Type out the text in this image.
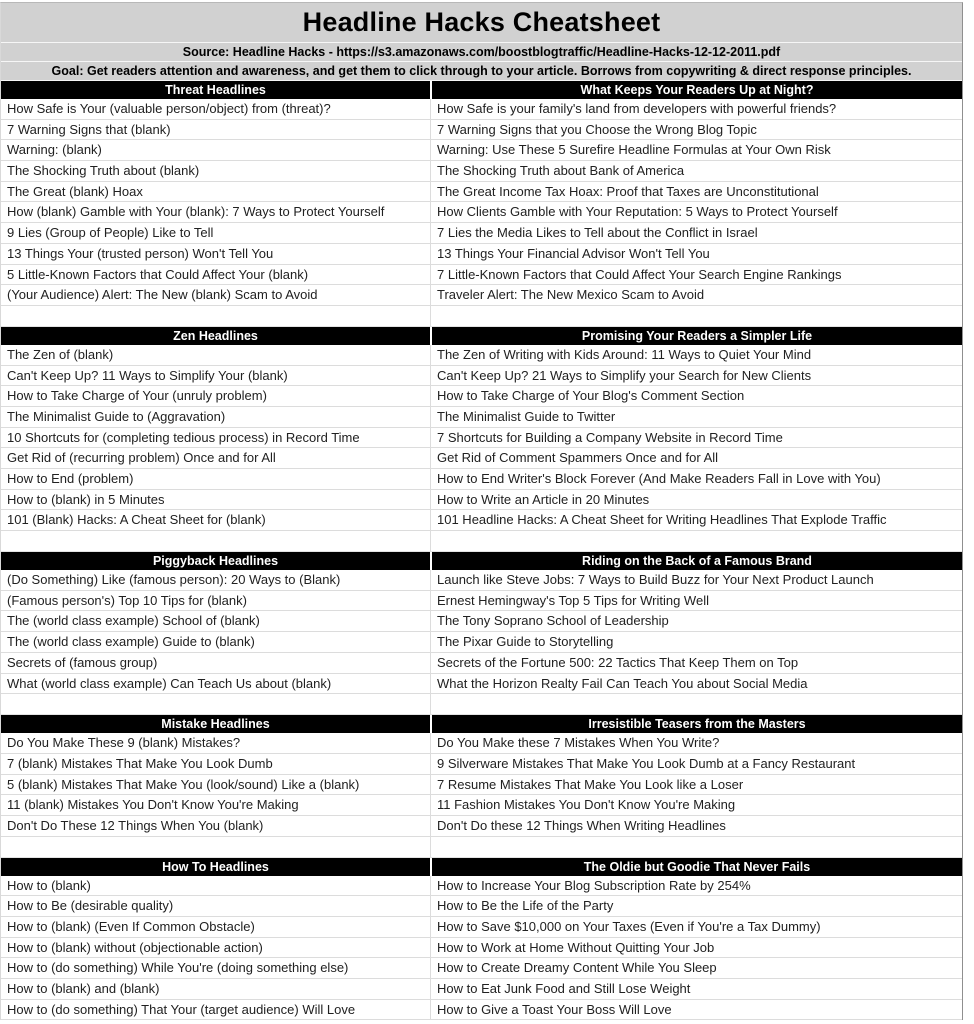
Headline Hacks Cheatsheet
Source: Headline Hacks - https://s3.amazonaws.com/boostblogtraffic/Headline-Hacks-12-12-2011.pdf
Goal: Get readers attention and awareness, and get them to click through to your article. Borrows from copywriting & direct response principles.
Threat Headlines	What Keeps Your Readers Up at Night?
How Safe is Your (valuable person/object) from (threat)?	How Safe is your family's land from developers with powerful friends?
7 Warning Signs that (blank)	7 Warning Signs that you Choose the Wrong Blog Topic
Warning: (blank)	Warning: Use These 5 Surefire Headline Formulas at Your Own Risk
The Shocking Truth about (blank)	The Shocking Truth about Bank of America
The Great (blank) Hoax	The Great Income Tax Hoax: Proof that Taxes are Unconstitutional
How (blank) Gamble with Your (blank): 7 Ways to Protect Yourself	How Clients Gamble with Your Reputation: 5 Ways to Protect Yourself
9 Lies (Group of People) Like to Tell	7 Lies the Media Likes to Tell about the Conflict in Israel
13 Things Your (trusted person) Won't Tell You	13 Things Your Financial Advisor Won't Tell You
5 Little-Known Factors that Could Affect Your (blank)	7 Little-Known Factors that Could Affect Your Search Engine Rankings
(Your Audience) Alert: The New (blank) Scam to Avoid	Traveler Alert: The New Mexico Scam to Avoid
Zen Headlines	Promising Your Readers a Simpler Life
The Zen of (blank)	The Zen of Writing with Kids Around: 11 Ways to Quiet Your Mind
Can't Keep Up? 11 Ways to Simplify Your (blank)	Can't Keep Up? 21 Ways to Simplify your Search for New Clients
How to Take Charge of Your (unruly problem)	How to Take Charge of Your Blog's Comment Section
The Minimalist Guide to (Aggravation)	The Minimalist Guide to Twitter
10 Shortcuts for (completing tedious process) in Record Time	7 Shortcuts for Building a Company Website in Record Time
Get Rid of (recurring problem) Once and for All	Get Rid of Comment Spammers Once and for All
How to End (problem)	How to End Writer's Block Forever (And Make Readers Fall in Love with You)
How to (blank) in 5 Minutes	How to Write an Article in 20 Minutes
101 (Blank) Hacks: A Cheat Sheet for (blank)	101 Headline Hacks: A Cheat Sheet for Writing Headlines That Explode Traffic
Piggyback Headlines	Riding on the Back of a Famous Brand
(Do Something) Like (famous person): 20 Ways to (Blank)	Launch like Steve Jobs: 7 Ways to Build Buzz for Your Next Product Launch
(Famous person's) Top 10 Tips for (blank)	Ernest Hemingway's Top 5 Tips for Writing Well
The (world class example) School of (blank)	The Tony Soprano School of Leadership
The (world class example) Guide to (blank)	The Pixar Guide to Storytelling
Secrets of (famous group)	Secrets of the Fortune 500: 22 Tactics That Keep Them on Top
What (world class example) Can Teach Us about (blank)	What the Horizon Realty Fail Can Teach You about Social Media
Mistake Headlines	Irresistible Teasers from the Masters
Do You Make These 9 (blank) Mistakes?	Do You Make these 7 Mistakes When You Write?
7 (blank) Mistakes That Make You Look Dumb	9 Silverware Mistakes That Make You Look Dumb at a Fancy Restaurant
5 (blank) Mistakes That Make You (look/sound) Like a (blank)	7 Resume Mistakes That Make You Look like a Loser
11 (blank) Mistakes You Don't Know You're Making	11 Fashion Mistakes You Don't Know You're Making
Don't Do These 12 Things When You (blank)	Don't Do these 12 Things When Writing Headlines
How To Headlines	The Oldie but Goodie That Never Fails
How to (blank)	How to Increase Your Blog Subscription Rate by 254%
How to Be (desirable quality)	How to Be the Life of the Party
How to (blank) (Even If Common Obstacle)	How to Save $10,000 on Your Taxes (Even if You're a Tax Dummy)
How to (blank) without (objectionable action)	How to Work at Home Without Quitting Your Job
How to (do something) While You're (doing something else)	How to Create Dreamy Content While You Sleep
How to (blank) and (blank)	How to Eat Junk Food and Still Lose Weight
How to (do something) That Your (target audience) Will Love	How to Give a Toast Your Boss Will Love
